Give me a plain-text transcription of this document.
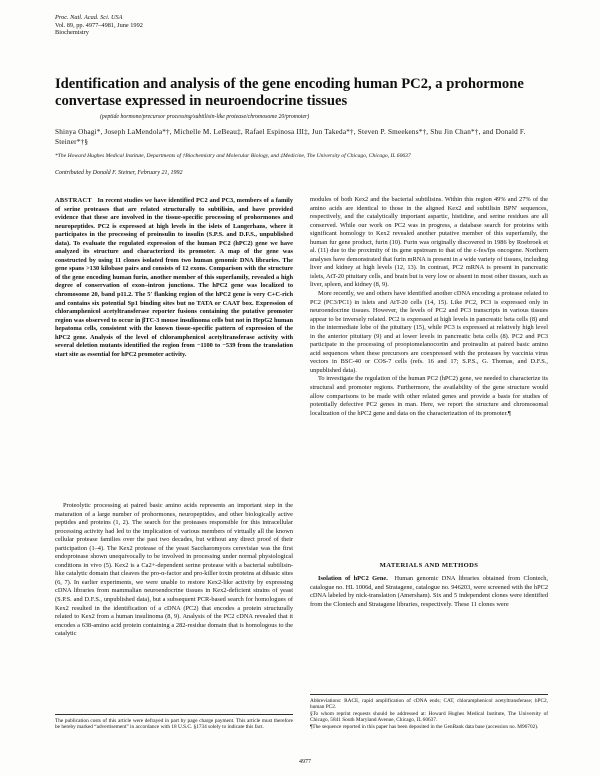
Proc. Natl. Acad. Sci. USA
Vol. 89, pp. 4977–4981, June 1992
Biochemistry
Identification and analysis of the gene encoding human PC2, a prohormone convertase expressed in neuroendocrine tissues
(peptide hormone/precursor processing/subtilisin-like protease/chromosome 20/promoter)
Shinya Ohagi*, Joseph LaMendola*†, Michelle M. LeBeau‡, Rafael Espinosa III‡, Jun Takeda*†, Steven P. Smeekens*†, Shu Jin Chan*†, and Donald F. Steiner*†§
*The Howard Hughes Medical Institute, Departments of †Biochemistry and Molecular Biology, and ‡Medicine, The University of Chicago, Chicago, IL 60637
Contributed by Donald F. Steiner, February 21, 1992

ABSTRACT In recent studies we have identified PC2 and PC3, members of a family of serine proteases that are related structurally to subtilisin, and have provided evidence that these are involved in the tissue-specific processing of prohormones and neuropeptides. PC2 is expressed at high levels in the islets of Langerhans, where it participates in the processing of proinsulin to insulin (S.P.S. and D.F.S., unpublished data). To evaluate the regulated expression of the human PC2 (hPC2) gene we have analyzed its structure and characterized its promoter. A map of the gene was constructed by using 11 clones isolated from two human genomic DNA libraries. The gene spans >130 kilobase pairs and consists of 12 exons. Comparison with the structure of the gene encoding human furin, another member of this superfamily, revealed a high degree of conservation of exon–intron junctions. The hPC2 gene was localized to chromosome 20, band p11.2. The 5′ flanking region of the hPC2 gene is very C+C-rich and contains six potential Sp1 binding sites but no TATA or CAAT box. Expression of chloramphenicol acetyltransferase reporter fusions containing the putative promoter region was observed to occur in βTC-3 mouse insulinoma cells but not in HepG2 human hepatoma cells, consistent with the known tissue-specific pattern of expression of the hPC2 gene. Analysis of the level of chloramphenicol acetyltransferase activity with several deletion mutants identified the region from −1100 to −539 from the translation start site as essential for hPC2 promoter activity.

Proteolytic processing at paired basic amino acids represents an important step in the maturation of a large number of prohormones, neuropeptides, and other biologically active peptides and proteins (1, 2). The search for the proteases responsible for this intracellular processing activity had led to the implication of various members of virtually all the known cellular protease families over the past two decades, but without any direct proof of their participation (1–4). The Kex2 protease of the yeast Saccharomyces cerevisiae was the first endoprotease shown unequivocally to be involved in processing under normal physiological conditions in vivo (5). Kex2 is a Ca2+-dependent serine protease with a bacterial subtilisin-like catalytic domain that cleaves the pro-α-factor and pro-killer toxin proteins at dibasic sites (6, 7). In earlier experiments, we were unable to restore Kex2-like activity by expressing cDNA libraries from mammalian neuroendocrine tissues in Kex2-deficient strains of yeast (S.P.S. and D.F.S., unpublished data), but a subsequent PCR-based search for homologues of Kex2 resulted in the identification of a cDNA (PC2) that encodes a protein structurally related to Kex2 from a human insulinoma (8, 9). Analysis of the PC2 cDNA revealed that it encodes a 638-amino acid protein containing a 282-residue domain that is homologous to the catalytic

modules of both Kex2 and the bacterial subtilisins. Within this region 49% and 27% of the amino acids are identical to those in the aligned Kex2 and subtilisin BPN′ sequences, respectively, and the catalytically important aspartic, histidine, and serine residues are all conserved. While our work on PC2 was in progress, a database search for proteins with significant homology to Kex2 revealed another putative member of this superfamily, the human fur gene product, furin (10). Furin was originally discovered in 1986 by Roebroek et al. (11) due to the proximity of its gene upstream to that of the c-fes/fps oncogene. Northern analyses have demonstrated that furin mRNA is present in a wide variety of tissues, including liver and kidney at high levels (12, 13). In contrast, PC2 mRNA is present in pancreatic islets, AtT-20 pituitary cells, and brain but is very low or absent in most other tissues, such as liver, spleen, and kidney (8, 9).

More recently, we and others have identified another cDNA encoding a protease related to PC2 (PC3/PC1) in islets and AtT-20 cells (14, 15). Like PC2, PC3 is expressed only in neuroendocrine tissues. However, the levels of PC2 and PC3 transcripts in various tissues appear to be inversely related. PC2 is expressed at high levels in pancreatic beta cells (8) and in the intermediate lobe of the pituitary (15), while PC3 is expressed at relatively high level in the anterior pituitary (9) and at lower levels in pancreatic beta cells (8). PC2 and PC3 participate in the processing of proopiomelanocortin and proinsulin at paired basic amino acid sequences when these precursors are coexpressed with the proteases by vaccinia virus vectors in BSC-40 or COS-7 cells (refs. 16 and 17; S.P.S., G. Thomas, and D.F.S., unpublished data).

To investigate the regulation of the human PC2 (hPC2) gene, we needed to characterize its structural and promoter regions. Furthermore, the availability of the gene structure would allow comparisons to be made with other related genes and provide a basis for studies of potentially defective PC2 genes in man. Here, we report the structure and chromosomal localization of the hPC2 gene and data on the characterization of its promoter.¶

MATERIALS AND METHODS

Isolation of hPC2 Gene. Human genomic DNA libraries obtained from Clontech, catalogue no. HL 1006d, and Stratagene, catalogue no. 946203, were screened with the hPC2 cDNA labeled by nick-translation (Amersham). Six and 5 independent clones were identified from the Clontech and Stratagene libraries, respectively. These 11 clones were

The publication costs of this article were defrayed in part by page charge payment. This article must therefore be hereby marked “advertisement” in accordance with 18 U.S.C. §1734 solely to indicate this fact.

Abbreviations: RACE, rapid amplification of cDNA ends; CAT, chloramphenicol acetyltransferase; hPC2, human PC2.

§To whom reprint requests should be addressed at: Howard Hughes Medical Institute, The University of Chicago, 5841 South Maryland Avenue, Chicago, IL 60637.

¶The sequence reported in this paper has been deposited in the GenBank data base (accession no. M96702).

4977
